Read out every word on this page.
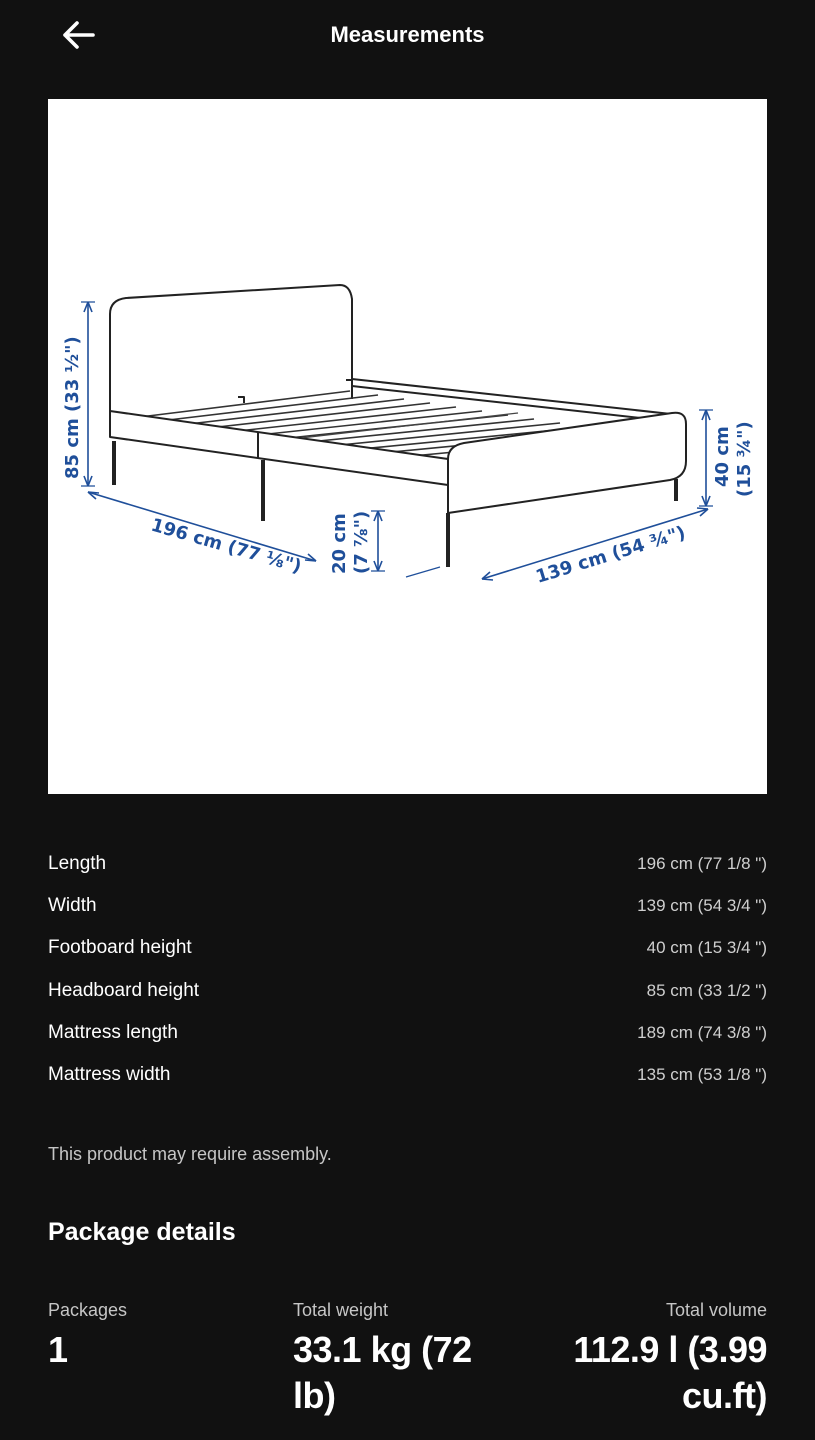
Measurements
85 cm (33 ½")
196 cm (77 ⅛") 20 cm (7 ⅞")	139 cm (54 ¾")
40 cm (15 ¾")
Length	196 cm (77 1/8 ")
Width	139 cm (54 3/4 ")
Footboard height	40 cm (15 3/4 ")
Headboard height	85 cm (33 1/2 ")
Mattress length	189 cm (74 3/8 ")
Mattress width	135 cm (53 1/8 ")
This product may require assembly.
Package details
Packages
1
Total weight
33.1 kg (72
lb)
Total volume
112.9 l (3.99
cu.ft)
